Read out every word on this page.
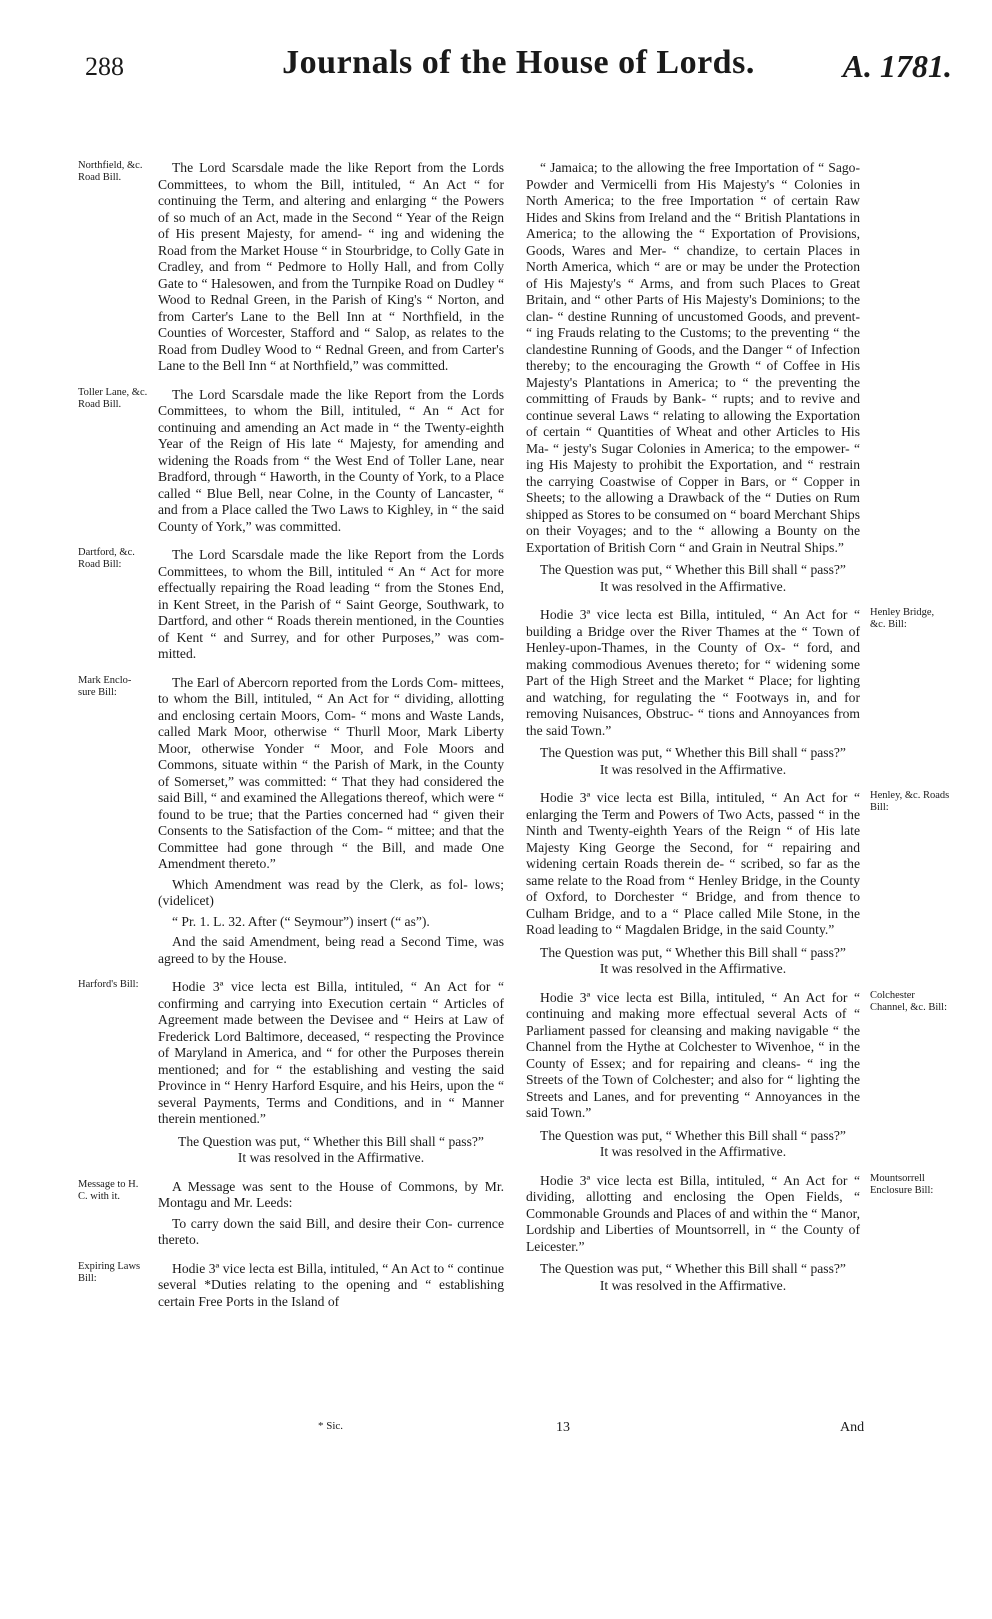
288	Journals of the House of Lords.	A. 1781.
Northfield, &c. Road Bill.

The Lord Scarsdale made the like Report from the Lords Committees, to whom the Bill, intituled, “ An Act “ for continuing the Term, and altering and enlarging “ the Powers of so much of an Act, made in the Second “ Year of the Reign of His present Majesty, for amend- “ ing and widening the Road from the Market House “ in Stourbridge, to Colly Gate in Cradley, and from “ Pedmore to Holly Hall, and from Colly Gate to “ Halesowen, and from the Turnpike Road on Dudley “ Wood to Rednal Green, in the Parish of King's “ Norton, and from Carter's Lane to the Bell Inn at “ Northfield, in the Counties of Worcester, Stafford and “ Salop, as relates to the Road from Dudley Wood to “ Rednal Green, and from Carter's Lane to the Bell Inn “ at Northfield,” was committed.

Toller Lane, &c. Road Bill.

The Lord Scarsdale made the like Report from the Lords Committees, to whom the Bill, intituled, “ An “ Act for continuing and amending an Act made in “ the Twenty-eighth Year of the Reign of His late “ Majesty, for amending and widening the Roads from “ the West End of Toller Lane, near Bradford, through “ Haworth, in the County of York, to a Place called “ Blue Bell, near Colne, in the County of Lancaster, “ and from a Place called the Two Laws to Kighley, in “ the said County of York,” was committed.

Dartford, &c. Road Bill:

The Lord Scarsdale made the like Report from the Lords Committees, to whom the Bill, intituled “ An “ Act for more effectually repairing the Road leading “ from the Stones End, in Kent Street, in the Parish of “ Saint George, Southwark, to Dartford, and other “ Roads therein mentioned, in the Counties of Kent “ and Surrey, and for other Purposes,” was com- mitted.

Mark Enclo- sure Bill:

The Earl of Abercorn reported from the Lords Com- mittees, to whom the Bill, intituled, “ An Act for “ dividing, allotting and enclosing certain Moors, Com- “ mons and Waste Lands, called Mark Moor, otherwise “ Thurll Moor, Mark Liberty Moor, otherwise Yonder “ Moor, and Fole Moors and Commons, situate within “ the Parish of Mark, in the County of Somerset,” was committed: “ That they had considered the said Bill, “ and examined the Allegations thereof, which were “ found to be true; that the Parties concerned had “ given their Consents to the Satisfaction of the Com- “ mittee; and that the Committee had gone through “ the Bill, and made One Amendment thereto.”

Which Amendment was read by the Clerk, as fol- lows; (videlicet)

“ Pr. 1. L. 32. After (“ Seymour”) insert (“ as”).

And the said Amendment, being read a Second Time, was agreed to by the House.

Harford's Bill:	Hodie 3ª vice lecta est Billa, intituled, “ An Act for “ confirming and carrying into Execution certain “ Articles of Agreement made between the Devisee and “ Heirs at Law of Frederick Lord Baltimore, deceased, “ respecting the Province of Maryland in America, and “ for other the Purposes therein mentioned; and for “ the establishing and vesting the said Province in “ Henry Harford Esquire, and his Heirs, upon the “ several Payments, Terms and Conditions, and in “ Manner therein mentioned.”

The Question was put, “ Whether this Bill shall “ pass?”

It was resolved in the Affirmative.

Message to H. C. with it.

A Message was sent to the House of Commons, by Mr. Montagu and Mr. Leeds:

To carry down the said Bill, and desire their Con- currence thereto.

Expiring Laws Bill:

Hodie 3ª vice lecta est Billa, intituled, “ An Act to “ continue several *Duties relating to the opening and “ establishing certain Free Ports in the Island of

“ Jamaica; to the allowing the free Importation of “ Sago-Powder and Vermicelli from His Majesty's “ Colonies in North America; to the free Importation “ of certain Raw Hides and Skins from Ireland and the “ British Plantations in America; to the allowing the “ Exportation of Provisions, Goods, Wares and Mer- “ chandize, to certain Places in North America, which “ are or may be under the Protection of His Majesty's “ Arms, and from such Places to Great Britain, and “ other Parts of His Majesty's Dominions; to the clan- “ destine Running of uncustomed Goods, and prevent- “ ing Frauds relating to the Customs; to the preventing “ the clandestine Running of Goods, and the Danger “ of Infection thereby; to the encouraging the Growth “ of Coffee in His Majesty's Plantations in America; to “ the preventing the committing of Frauds by Bank- “ rupts; and to revive and continue several Laws “ relating to allowing the Exportation of certain “ Quantities of Wheat and other Articles to His Ma- “ jesty's Sugar Colonies in America; to the empower- “ ing His Majesty to prohibit the Exportation, and “ restrain the carrying Coastwise of Copper in Bars, or “ Copper in Sheets; to the allowing a Drawback of the “ Duties on Rum shipped as Stores to be consumed on “ board Merchant Ships on their Voyages; and to the “ allowing a Bounty on the Exportation of British Corn “ and Grain in Neutral Ships.”

The Question was put, “ Whether this Bill shall “ pass?”

It was resolved in the Affirmative.

Henley Bridge, &c. Bill:

Hodie 3ª vice lecta est Billa, intituled, “ An Act for “ building a Bridge over the River Thames at the “ Town of Henley-upon-Thames, in the County of Ox- “ ford, and making commodious Avenues thereto; for “ widening some Part of the High Street and the Market “ Place; for lighting and watching, for regulating the “ Footways in, and for removing Nuisances, Obstruc- “ tions and Annoyances from the said Town.”

The Question was put, “ Whether this Bill shall “ pass?”

It was resolved in the Affirmative.

Henley, &c. Roads Bill:

Hodie 3ª vice lecta est Billa, intituled, “ An Act for “ enlarging the Term and Powers of Two Acts, passed “ in the Ninth and Twenty-eighth Years of the Reign “ of His late Majesty King George the Second, for “ repairing and widening certain Roads therein de- “ scribed, so far as the same relate to the Road from “ Henley Bridge, in the County of Oxford, to Dorchester “ Bridge, and from thence to Culham Bridge, and to a “ Place called Mile Stone, in the Road leading to “ Magdalen Bridge, in the said County.”

The Question was put, “ Whether this Bill shall “ pass?”

It was resolved in the Affirmative.

Colchester Channel, &c. Bill:

Hodie 3ª vice lecta est Billa, intituled, “ An Act for “ continuing and making more effectual several Acts of “ Parliament passed for cleansing and making navigable “ the Channel from the Hythe at Colchester to Wivenhoe, “ in the County of Essex; and for repairing and cleans- “ ing the Streets of the Town of Colchester; and also for “ lighting the Streets and Lanes, and for preventing “ Annoyances in the said Town.”

The Question was put, “ Whether this Bill shall “ pass?”

It was resolved in the Affirmative.

Mountsorrell Enclosure Bill:

Hodie 3ª vice lecta est Billa, intituled, “ An Act for “ dividing, allotting and enclosing the Open Fields, “ Commonable Grounds and Places of and within the “ Manor, Lordship and Liberties of Mountsorrell, in “ the County of Leicester.”

The Question was put, “ Whether this Bill shall “ pass?”

It was resolved in the Affirmative.

* Sic.	13	And
